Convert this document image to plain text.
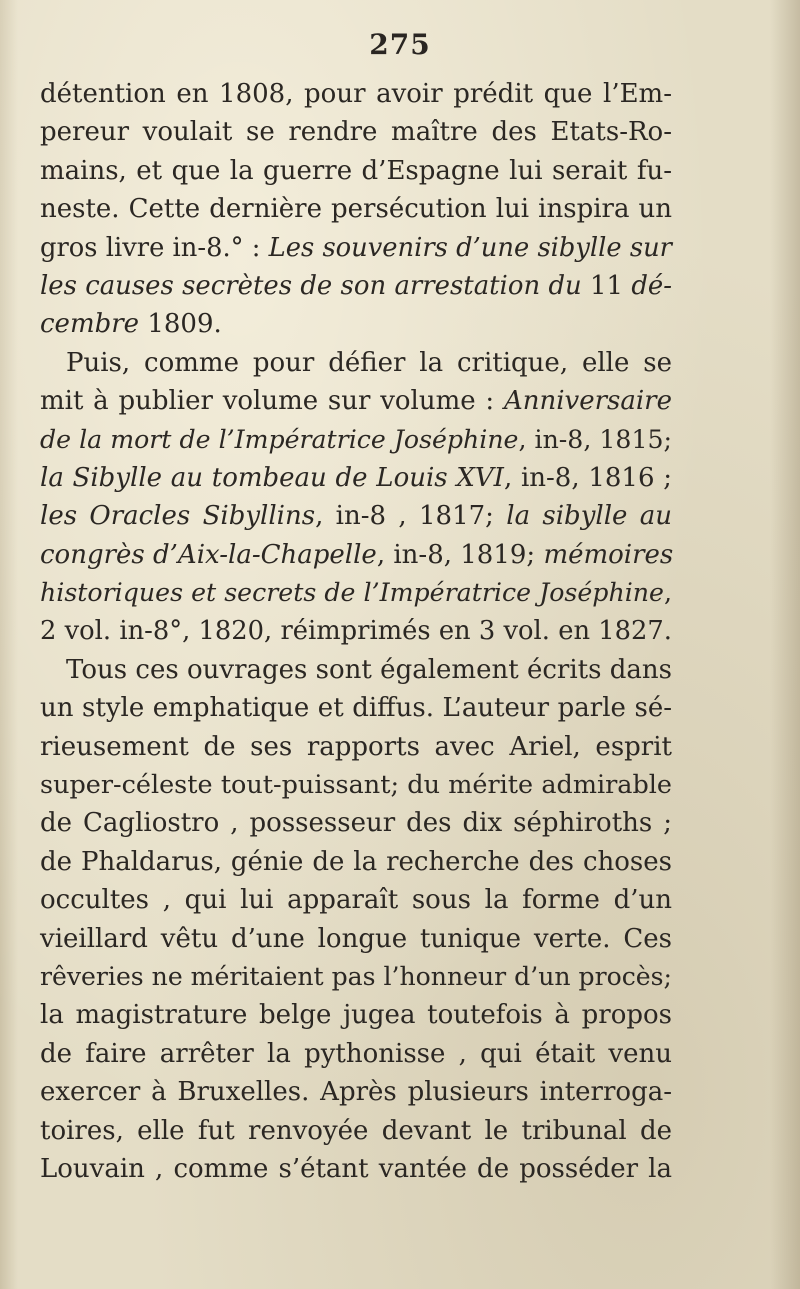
275
détention en 1808, pour avoir prédit que l’Em-
pereur voulait se rendre maître des Etats-Ro-
mains, et que la guerre d’Espagne lui serait fu-
neste. Cette dernière persécution lui inspira un
gros livre in-8.° : Les souvenirs d’une sibylle sur
les causes secrètes de son arrestation du 11 dé-
cembre 1809.
Puis, comme pour défier la critique, elle se
mit à publier volume sur volume : Anniversaire
de la mort de l’Impératrice Joséphine, in-8, 1815;
la Sibylle au tombeau de Louis XVI, in-8, 1816 ;
les Oracles Sibyllins, in-8 , 1817; la sibylle au
congrès d’Aix-la-Chapelle, in-8, 1819; mémoires
historiques et secrets de l’Impératrice Joséphine,
2 vol. in-8°, 1820, réimprimés en 3 vol. en 1827.
Tous ces ouvrages sont également écrits dans
un style emphatique et diffus. L’auteur parle sé-
rieusement de ses rapports avec Ariel, esprit
super-céleste tout-puissant; du mérite admirable
de Cagliostro , possesseur des dix séphiroths ;
de Phaldarus, génie de la recherche des choses
occultes , qui lui apparaît sous la forme d’un
vieillard vêtu d’une longue tunique verte. Ces
rêveries ne méritaient pas l’honneur d’un procès;
la magistrature belge jugea toutefois à propos
de faire arrêter la pythonisse , qui était venu
exercer à Bruxelles. Après plusieurs interroga-
toires, elle fut renvoyée devant le tribunal de
Louvain , comme s’étant vantée de posséder la
